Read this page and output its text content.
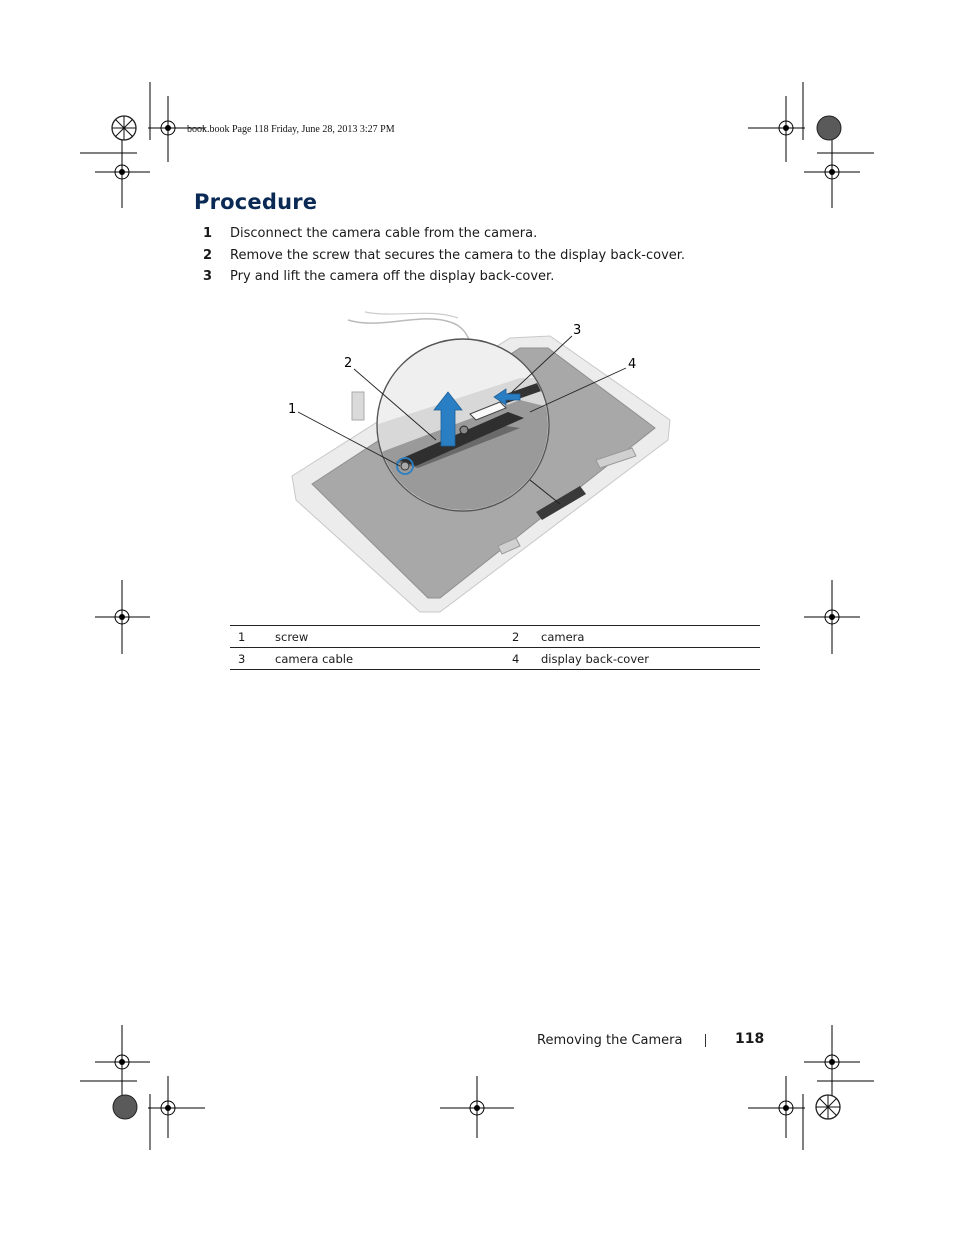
book.book Page 118 Friday, June 28, 2013 3:27 PM
Procedure
1 Disconnect the camera cable from the camera.
2 Remove the screw that secures the camera to the display back-cover.
3 Pry and lift the camera off the display back-cover.
1
2
3
4
1	screw	2	camera
3	camera cable	4	display back-cover
Removing the Camera	118
